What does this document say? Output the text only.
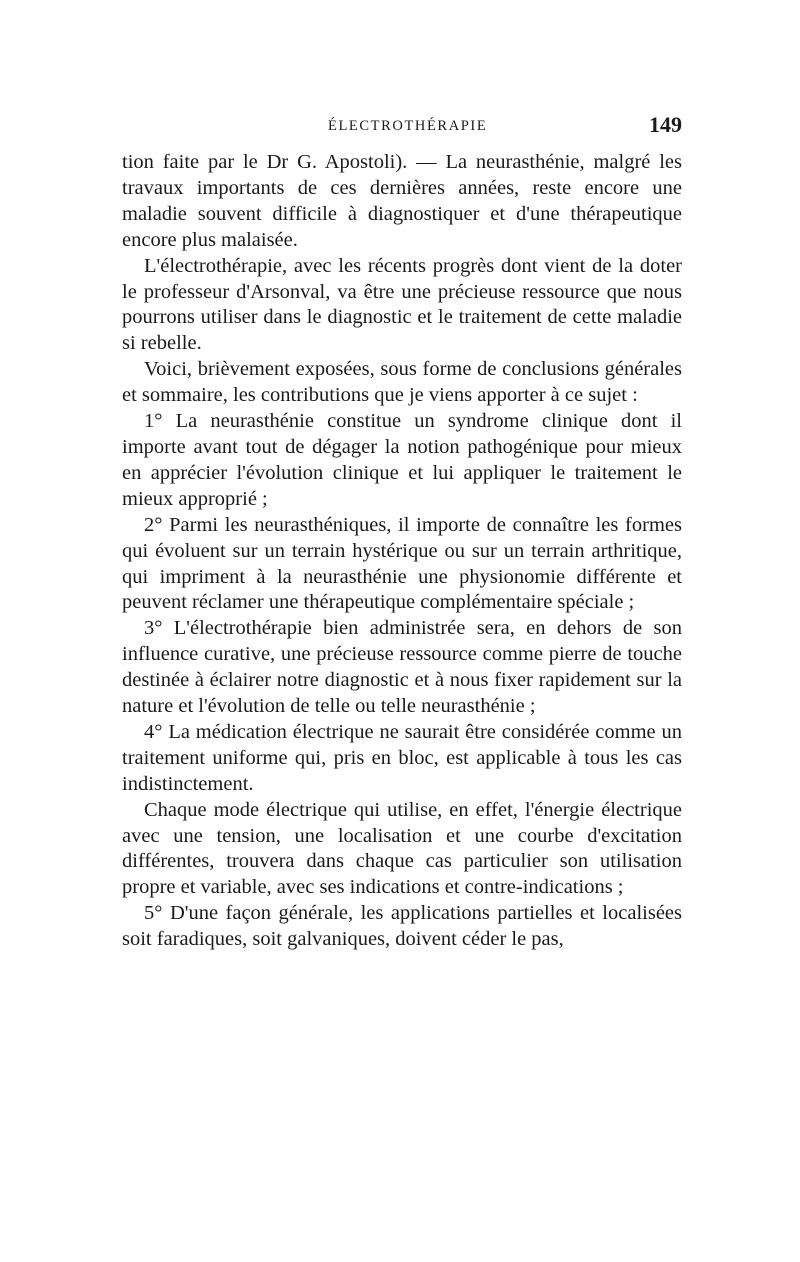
ÉLECTROTHÉRAPIE	149

tion faite par le Dr G. Apostoli). — La neurasthénie, malgré les travaux importants de ces dernières années, reste encore une maladie souvent difficile à diagnostiquer et d'une thérapeutique encore plus malaisée.

L'électrothérapie, avec les récents progrès dont vient de la doter le professeur d'Arsonval, va être une précieuse ressource que nous pourrons utiliser dans le diagnostic et le traitement de cette maladie si rebelle.

Voici, brièvement exposées, sous forme de conclusions générales et sommaire, les contributions que je viens apporter à ce sujet :

1° La neurasthénie constitue un syndrome clinique dont il importe avant tout de dégager la notion pathogénique pour mieux en apprécier l'évolution clinique et lui appliquer le traitement le mieux approprié ;

2° Parmi les neurasthéniques, il importe de connaître les formes qui évoluent sur un terrain hystérique ou sur un terrain arthritique, qui impriment à la neurasthénie une physionomie différente et peuvent réclamer une thérapeutique complémentaire spéciale ;

3° L'électrothérapie bien administrée sera, en dehors de son influence curative, une précieuse ressource comme pierre de touche destinée à éclairer notre diagnostic et à nous fixer rapidement sur la nature et l'évolution de telle ou telle neurasthénie ;

4° La médication électrique ne saurait être considérée comme un traitement uniforme qui, pris en bloc, est applicable à tous les cas indistinctement.

Chaque mode électrique qui utilise, en effet, l'énergie électrique avec une tension, une localisation et une courbe d'excitation différentes, trouvera dans chaque cas particulier son utilisation propre et variable, avec ses indications et contre-indications ;

5° D'une façon générale, les applications partielles et localisées soit faradiques, soit galvaniques, doivent céder le pas,
